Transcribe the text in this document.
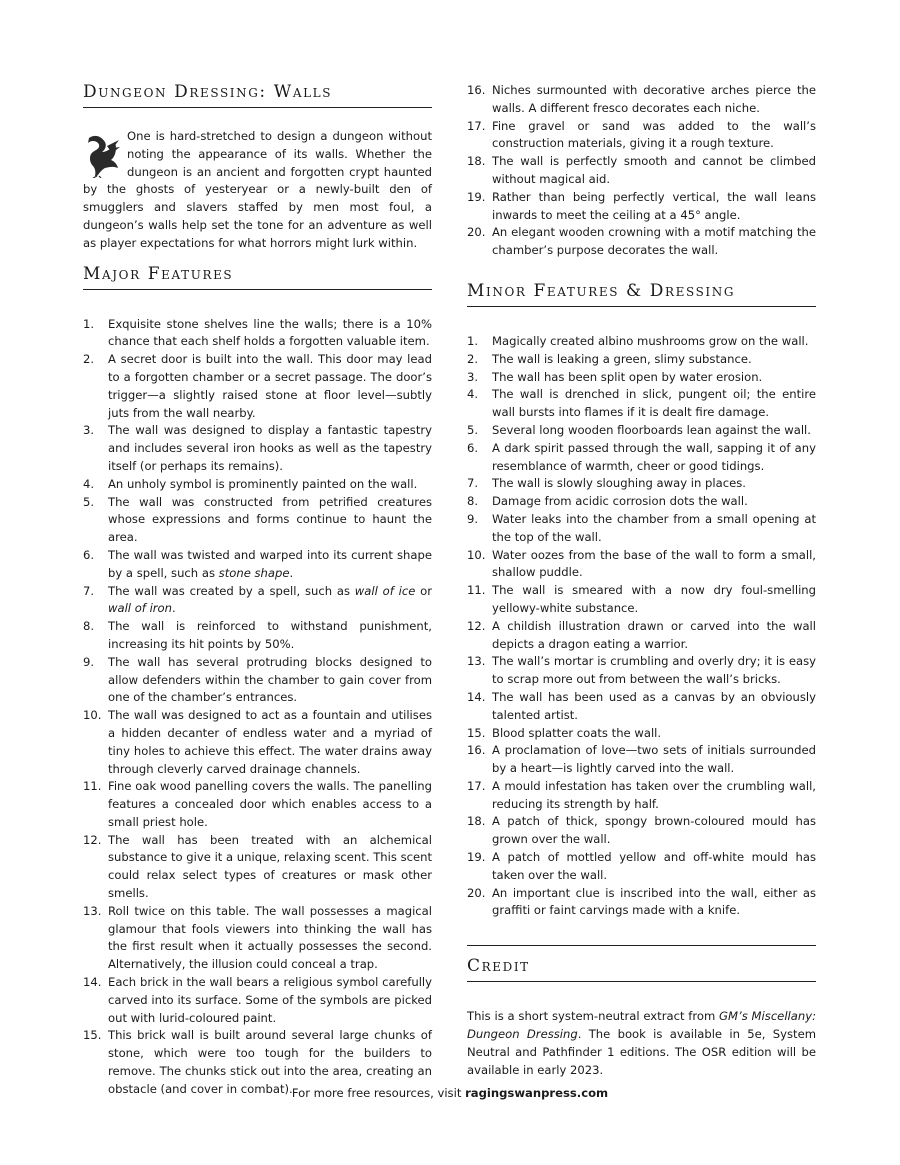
Dungeon Dressing: Walls

One is hard-stretched to design a dungeon without noting the appearance of its walls. Whether the dungeon is an ancient and forgotten crypt haunted by the ghosts of yesteryear or a newly-built den of smugglers and slavers staffed by men most foul, a dungeon’s walls help set the tone for an adventure as well as player expectations for what horrors might lurk within.

Major Features
1.	Exquisite stone shelves line the walls; there is a 10% chance that each shelf holds a forgotten valuable item.
2.	A secret door is built into the wall. This door may lead to a forgotten chamber or a secret passage. The door’s trigger—a slightly raised stone at floor level—subtly juts from the wall nearby.
3.	The wall was designed to display a fantastic tapestry and includes several iron hooks as well as the tapestry itself (or perhaps its remains).
4.	An unholy symbol is prominently painted on the wall.
5.	The wall was constructed from petrified creatures whose expressions and forms continue to haunt the area.
6.	The wall was twisted and warped into its current shape by a spell, such as stone shape.
7.	The wall was created by a spell, such as wall of ice or wall of iron.
8.	The wall is reinforced to withstand punishment, increasing its hit points by 50%.
9.	The wall has several protruding blocks designed to allow defenders within the chamber to gain cover from one of the chamber’s entrances.
10. The wall was designed to act as a fountain and utilises a hidden decanter of endless water and a myriad of tiny holes to achieve this effect. The water drains away through cleverly carved drainage channels.
11. Fine oak wood panelling covers the walls. The panelling features a concealed door which enables access to a small priest hole.
12. The wall has been treated with an alchemical substance to give it a unique, relaxing scent. This scent could relax select types of creatures or mask other smells.
13. Roll twice on this table. The wall possesses a magical glamour that fools viewers into thinking the wall has the first result when it actually possesses the second. Alternatively, the illusion could conceal a trap.
14. Each brick in the wall bears a religious symbol carefully carved into its surface. Some of the symbols are picked out with lurid-coloured paint.
15. This brick wall is built around several large chunks of stone, which were too tough for the builders to remove. The chunks stick out into the area, creating an obstacle (and cover in combat).
16. Niches surmounted with decorative arches pierce the walls. A different fresco decorates each niche.
17. Fine gravel or sand was added to the wall’s construction materials, giving it a rough texture.
18. The wall is perfectly smooth and cannot be climbed without magical aid.
19. Rather than being perfectly vertical, the wall leans inwards to meet the ceiling at a 45° angle.
20. An elegant wooden crowning with a motif matching the chamber’s purpose decorates the wall.
Minor Features & Dressing
1.	Magically created albino mushrooms grow on the wall.
2.	The wall is leaking a green, slimy substance.
3.	The wall has been split open by water erosion.
4.	The wall is drenched in slick, pungent oil; the entire wall bursts into flames if it is dealt fire damage.
5.	Several long wooden floorboards lean against the wall.
6.	A dark spirit passed through the wall, sapping it of any resemblance of warmth, cheer or good tidings.
7.	The wall is slowly sloughing away in places.
8.	Damage from acidic corrosion dots the wall.
9.	Water leaks into the chamber from a small opening at the top of the wall.
10. Water oozes from the base of the wall to form a small, shallow puddle.
11. The wall is smeared with a now dry foul-smelling yellowy-white substance.
12. A childish illustration drawn or carved into the wall depicts a dragon eating a warrior.
13. The wall’s mortar is crumbling and overly dry; it is easy to scrap more out from between the wall’s bricks.
14. The wall has been used as a canvas by an obviously talented artist.
15. Blood splatter coats the wall.
16. A proclamation of love—two sets of initials surrounded by a heart—is lightly carved into the wall.
17. A mould infestation has taken over the crumbling wall, reducing its strength by half.
18. A patch of thick, spongy brown-coloured mould has grown over the wall.
19. A patch of mottled yellow and off-white mould has taken over the wall.
20. An important clue is inscribed into the wall, either as graffiti or faint carvings made with a knife.
Credit

This is a short system-neutral extract from GM’s Miscellany: Dungeon Dressing. The book is available in 5e, System Neutral and Pathfinder 1 editions. The OSR edition will be available in early 2023.

For more free resources, visit ragingswanpress.com
